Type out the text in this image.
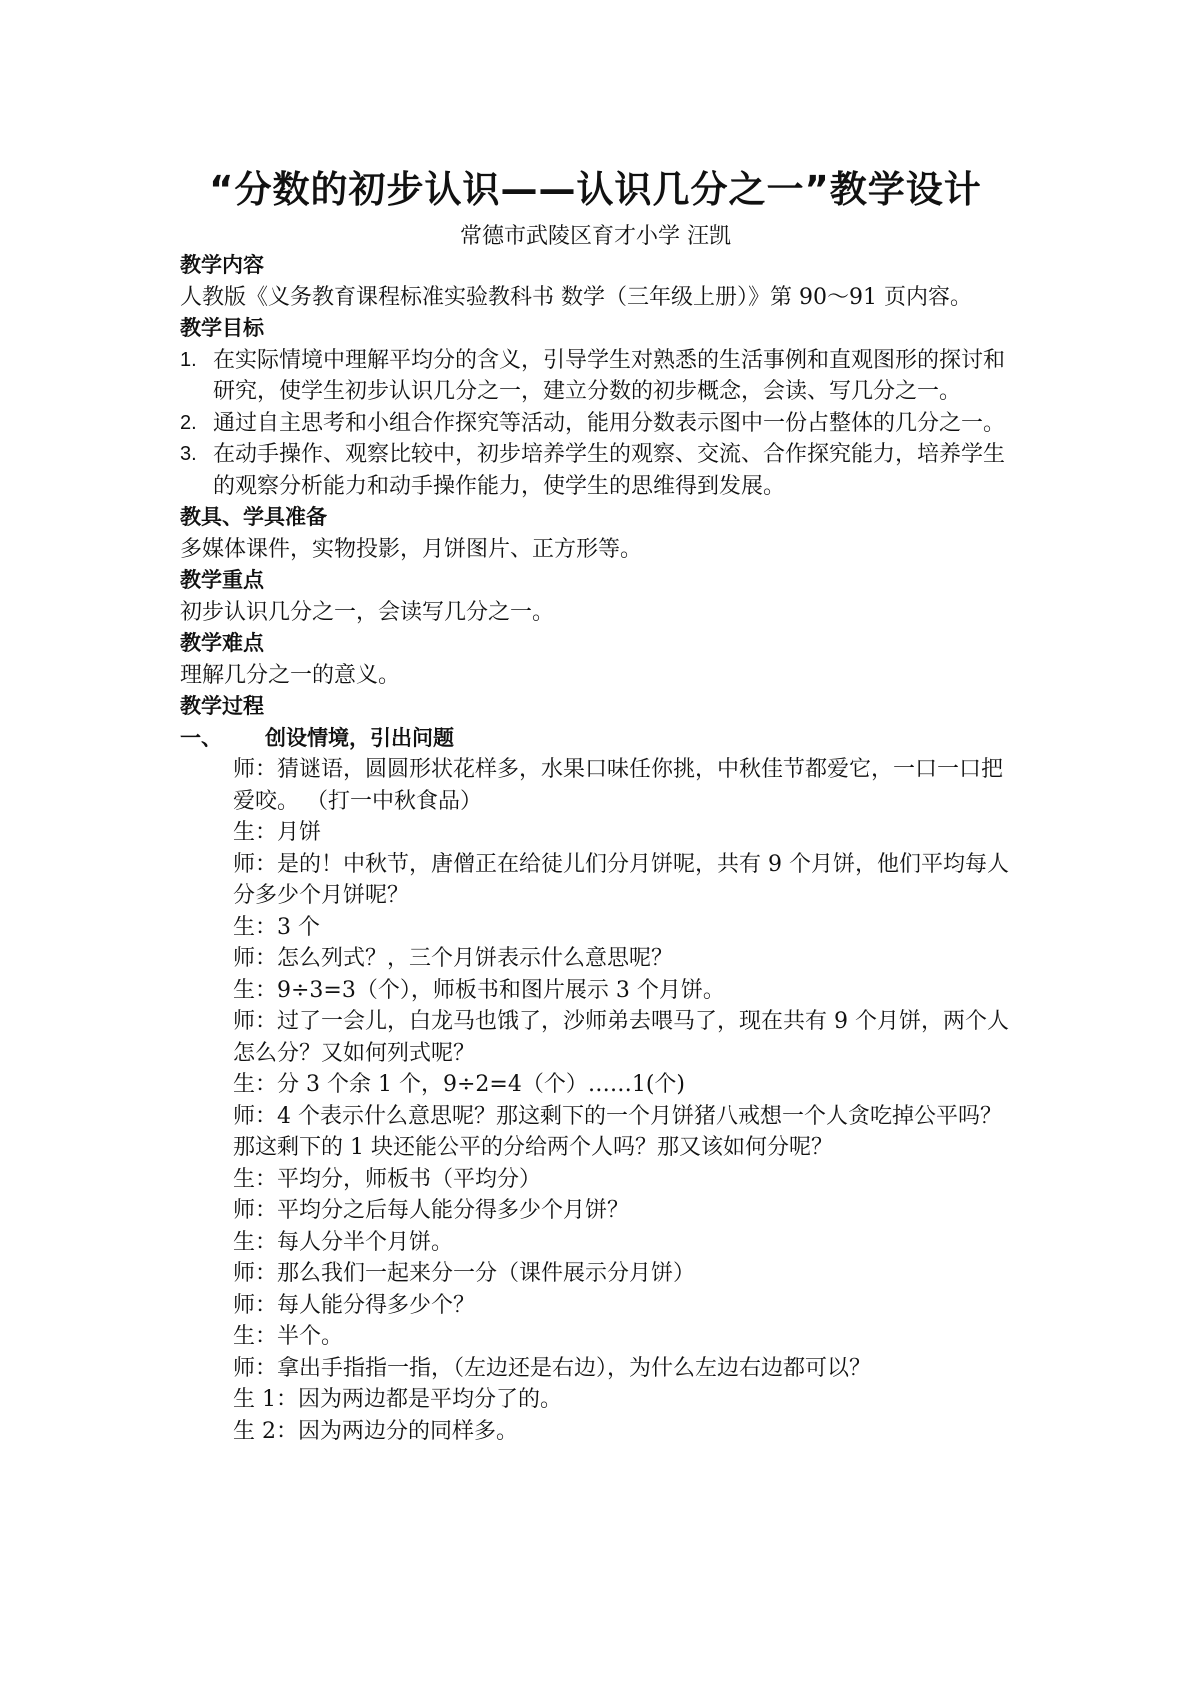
“分数的初步认识——认识几分之一”教学设计
常德市武陵区育才小学 汪凯
教学内容

人教版《义务教育课程标准实验教科书 数学（三年级上册）》第 90～91 页内容。

教学目标

1. 在实际情境中理解平均分的含义，引导学生对熟悉的生活事例和直观图形的探讨和研究，使学生初步认识几分之一，建立分数的初步概念，会读、写几分之一。

2. 通过自主思考和小组合作探究等活动，能用分数表示图中一份占整体的几分之一。

3. 在动手操作、观察比较中，初步培养学生的观察、交流、合作探究能力，培养学生的观察分析能力和动手操作能力，使学生的思维得到发展。

教具、学具准备

多媒体课件，实物投影，月饼图片、正方形等。

教学重点

初步认识几分之一，会读写几分之一。

教学难点

理解几分之一的意义。

教学过程
一、 创设情境，引出问题

师：猜谜语，圆圆形状花样多，水果口味任你挑，中秋佳节都爱它，一口一口把爱咬。 （打一中秋食品）

生：月饼

师：是的！中秋节，唐僧正在给徒儿们分月饼呢，共有 9 个月饼，他们平均每人分多少个月饼呢？

生：3 个

师：怎么列式？，三个月饼表示什么意思呢？

生：9÷3=3（个），师板书和图片展示 3 个月饼。

师：过了一会儿，白龙马也饿了，沙师弟去喂马了，现在共有 9 个月饼，两个人怎么分？又如何列式呢？

生：分 3 个余 1 个，9÷2=4（个）……1(个)

师：4 个表示什么意思呢？那这剩下的一个月饼猪八戒想一个人贪吃掉公平吗？那这剩下的 1 块还能公平的分给两个人吗？那又该如何分呢？

生：平均分，师板书（平均分）

师：平均分之后每人能分得多少个月饼？

生：每人分半个月饼。

师：那么我们一起来分一分（课件展示分月饼）

师：每人能分得多少个？

生：半个。

师：拿出手指指一指，（左边还是右边），为什么左边右边都可以？

生 1：因为两边都是平均分了的。

生 2：因为两边分的同样多。
